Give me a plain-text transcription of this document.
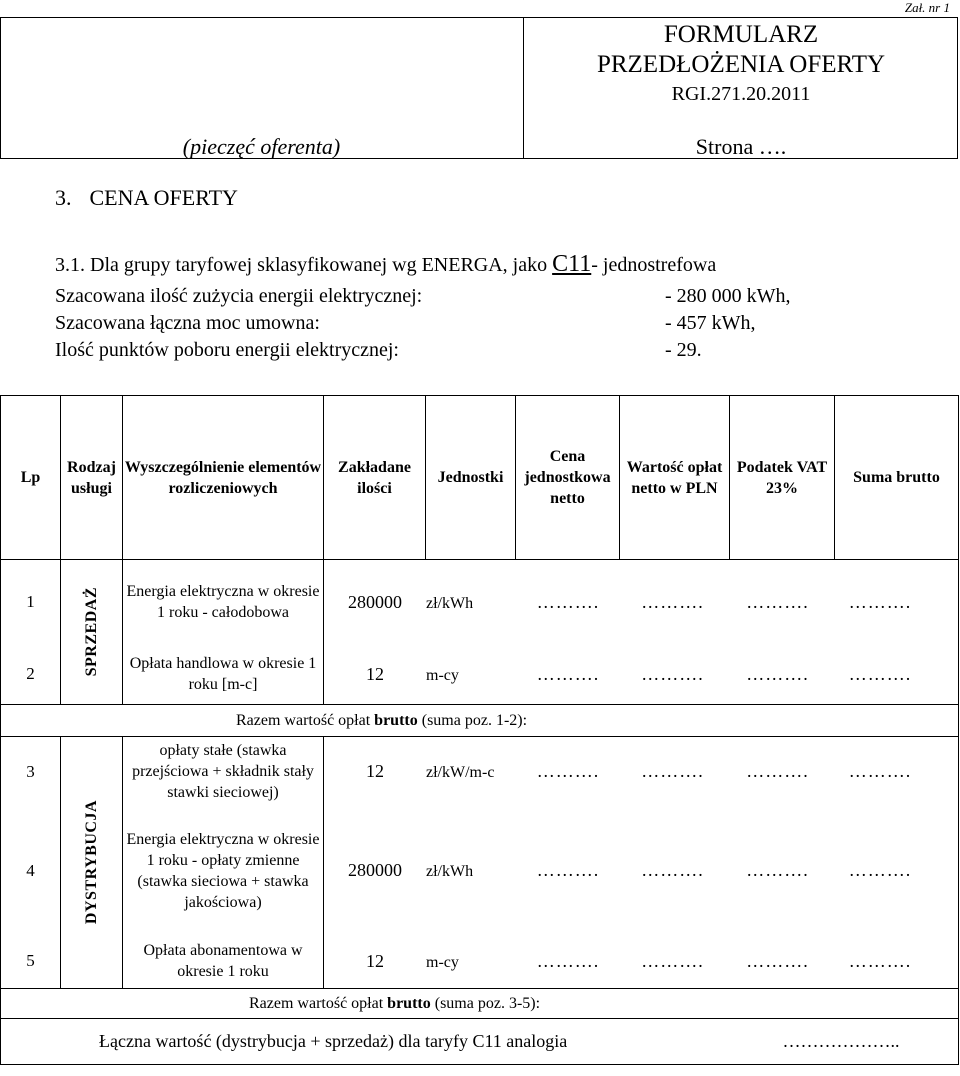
Zał. nr 1
FORMULARZ
PRZEDŁOŻENIA OFERTY
RGI.271.20.2011
(pieczęć oferenta)	Strona ….
3. CENA OFERTY
3.1. Dla grupy taryfowej sklasyfikowanej wg ENERGA, jako C11- jednostrefowa
Szacowana ilość zużycia energii elektrycznej:	- 280 000 kWh,
Szacowana łączna moc umowna:	- 457 kWh,
Ilość punktów poboru energii elektrycznej:	- 29.
Lp	Rodzaj usługi	Wyszczególnienie elementów rozliczeniowych	Zakładane ilości	Jednostki	Cena jednostkowa netto	Wartość opłat netto w PLN	Podatek VAT 23%	Suma brutto
1	SPRZEDAŻ	Energia elektryczna w okresie 1 roku - całodobowa	280000 zł/kWh ………. ………. ………. ……….					
2		Opłata handlowa w okresie 1 roku [m-c]	12 m-cy ………. ………. ………. ……….					
Razem wartość opłat brutto (suma poz. 1-2):								
3	DYSTRYBUCJA	opłaty stałe (stawka przejściowa + składnik stały stawki sieciowej)	12 zł/kW/m-c ………. ………. ………. ……….					
4		Energia elektryczna w okresie 1 roku - opłaty zmienne (stawka sieciowa + stawka jakościowa)	280000 zł/kWh ………. ………. ………. ……….					
5		Opłata abonamentowa w okresie 1 roku	12 m-cy ………. ………. ………. ……….					
Razem wartość opłat brutto (suma poz. 3-5):								
Łączna wartość (dystrybucja + sprzedaż) dla taryfy C11 analogia ………………..								
